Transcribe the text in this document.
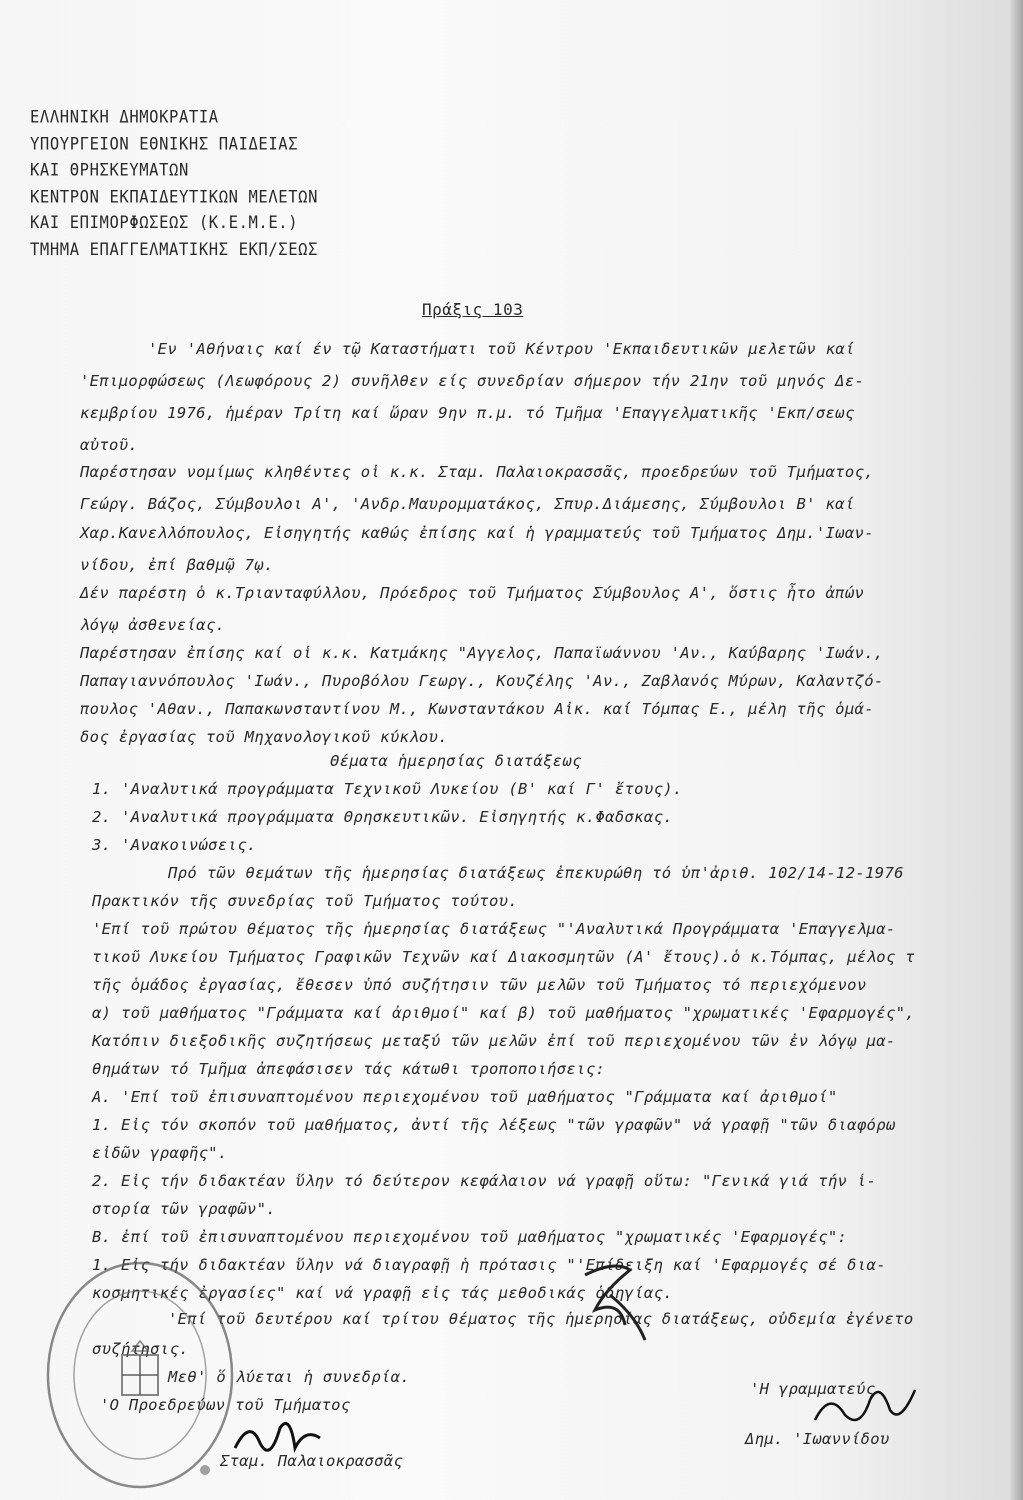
ΕΛΛΗΝΙΚΗ ΔΗΜΟΚΡΑΤΙΑ
ΥΠΟΥΡΓΕΙΟΝ ΕΘΝΙΚΗΣ ΠΑΙΔΕΙΑΣ
ΚΑΙ ΘΡΗΣΚΕΥΜΑΤΩΝ
ΚΕΝΤΡΟΝ ΕΚΠΑΙΔΕΥΤΙΚΩΝ ΜΕΛΕΤΩΝ
ΚΑΙ ΕΠΙΜΟΡΦΩΣΕΩΣ (Κ.Ε.Μ.Ε.)
ΤΜΗΜΑ ΕΠΑΓΓΕΛΜΑΤΙΚΗΣ ΕΚΠ/ΣΕΩΣ
Πράξις 103
'Εν 'Αθήναις καί έν τῷ Καταστήματι τοῦ Κέντρου 'Εκπαιδευτικῶν μελετῶν καί
'Επιμορφώσεως (Λεωφόρους 2) συνῆλθεν είς συνεδρίαν σήμερον τήν 21ην τοῦ μηνός Δε-
κεμβρίου 1976, ἡμέραν Τρίτη καί ὥραν 9ην π.μ. τό Τμῆμα 'Επαγγελματικῆς 'Εκπ/σεως
αὐτοῦ.
Παρέστησαν νομίμως κληθέντες οἱ κ.κ. Σταμ. Παλαιοκρασσᾶς, προεδρεύων τοῦ Τμήματος,
Γεώργ. Βάζος, Σύμβουλοι Α', 'Ανδρ.Μαυρομματάκος, Σπυρ.Διάμεσης, Σύμβουλοι Β' καί
Χαρ.Κανελλόπουλος, Εἰσηγητής καθώς ἐπίσης καί ἡ γραμματεύς τοῦ Τμήματος Δημ.'Ιωαν-
νίδου, ἐπί βαθμῷ 7ῳ.
Δέν παρέστη ὁ κ.Τριανταφύλλου, Πρόεδρος τοῦ Τμήματος Σύμβουλος Α', ὅστις ἦτο ἀπών
λόγῳ ἀσθενείας.
Παρέστησαν ἐπίσης καί οἱ κ.κ. Κατμάκης "Αγγελος, Παπαϊωάννου 'Αν., Καύβαρης 'Ιωάν.,
Παπαγιαννόπουλος 'Ιωάν., Πυροβόλου Γεωργ., Κουζέλης 'Αν., Ζαβλανός Μύρων, Καλαντζό-
πουλος 'Αθαν., Παπακωνσταντίνου Μ., Κωνσταντάκου Αἰκ. καί Τόμπας Ε., μέλη τῆς ὁμά-
δος ἐργασίας τοῦ Μηχανολογικοῦ κύκλου.
Θέματα ἡμερησίας διατάξεως
1. 'Αναλυτικά προγράμματα Τεχνικοῦ Λυκείου (Β' καί Γ' ἔτους).
2. 'Αναλυτικά προγράμματα Θρησκευτικῶν. Εἰσηγητής κ.Φαδσκας.
3. 'Ανακοινώσεις.
Πρό τῶν θεμάτων τῆς ἡμερησίας διατάξεως ἐπεκυρώθη τό ὑπ'ἀριθ. 102/14-12-1976
Πρακτικόν τῆς συνεδρίας τοῦ Τμήματος τούτου.
'Επί τοῦ πρώτου θέματος τῆς ἡμερησίας διατάξεως "'Αναλυτικά Προγράμματα 'Επαγγελμα-
τικοῦ Λυκείου Τμήματος Γραφικῶν Τεχνῶν καί Διακοσμητῶν (Α' ἔτους).ὁ κ.Τόμπας, μέλος τ
τῆς ὁμάδος ἐργασίας, ἔθεσεν ὑπό συζήτησιν τῶν μελῶν τοῦ Τμήματος τό περιεχόμενον
α) τοῦ μαθήματος "Γράμματα καί ἀριθμοί" καί β) τοῦ μαθήματος "χρωματικές 'Εφαρμογές",
Κατόπιν διεξοδικῆς συζητήσεως μεταξύ τῶν μελῶν ἐπί τοῦ περιεχομένου τῶν ἐν λόγῳ μα-
θημάτων τό Τμῆμα ἀπεφάσισεν τάς κάτωθι τροποποιήσεις:
Α. 'Επί τοῦ ἐπισυναπτομένου περιεχομένου τοῦ μαθήματος "Γράμματα καί ἀριθμοί"
1. Εἰς τόν σκοπόν τοῦ μαθήματος, ἀντί τῆς λέξεως "τῶν γραφῶν" νά γραφῇ "τῶν διαφόρω
εἰδῶν γραφῆς".
2. Εἰς τήν διδακτέαν ὕλην τό δεύτερον κεφάλαιον νά γραφῇ οὕτω: "Γενικά γιά τήν ἱ-
στορία τῶν γραφῶν".
Β. ἐπί τοῦ ἐπισυναπτομένου περιεχομένου τοῦ μαθήματος "χρωματικές 'Εφαρμογές":
1. Εἰς τήν διδακτέαν ὕλην νά διαγραφῇ ἡ πρότασις "'Επίδειξη καί 'Εφαρμογές σέ δια-
κοσμητικές ἐργασίες" καί νά γραφῇ εἰς τάς μεθοδικάς ὁδηγίας.
'Επί τοῦ δευτέρου καί τρίτου θέματος τῆς ἡμερησίας διατάξεως, οὐδεμία ἐγένετο
συζήτησις.
Μεθ' ὅ λύεται ἡ συνεδρία.
'Ο Προεδρεύων τοῦ Τμήματος
Σταμ. Παλαιοκρασσᾶς
'Η γραμματεύς
Δημ. 'Ιωαννίδου
